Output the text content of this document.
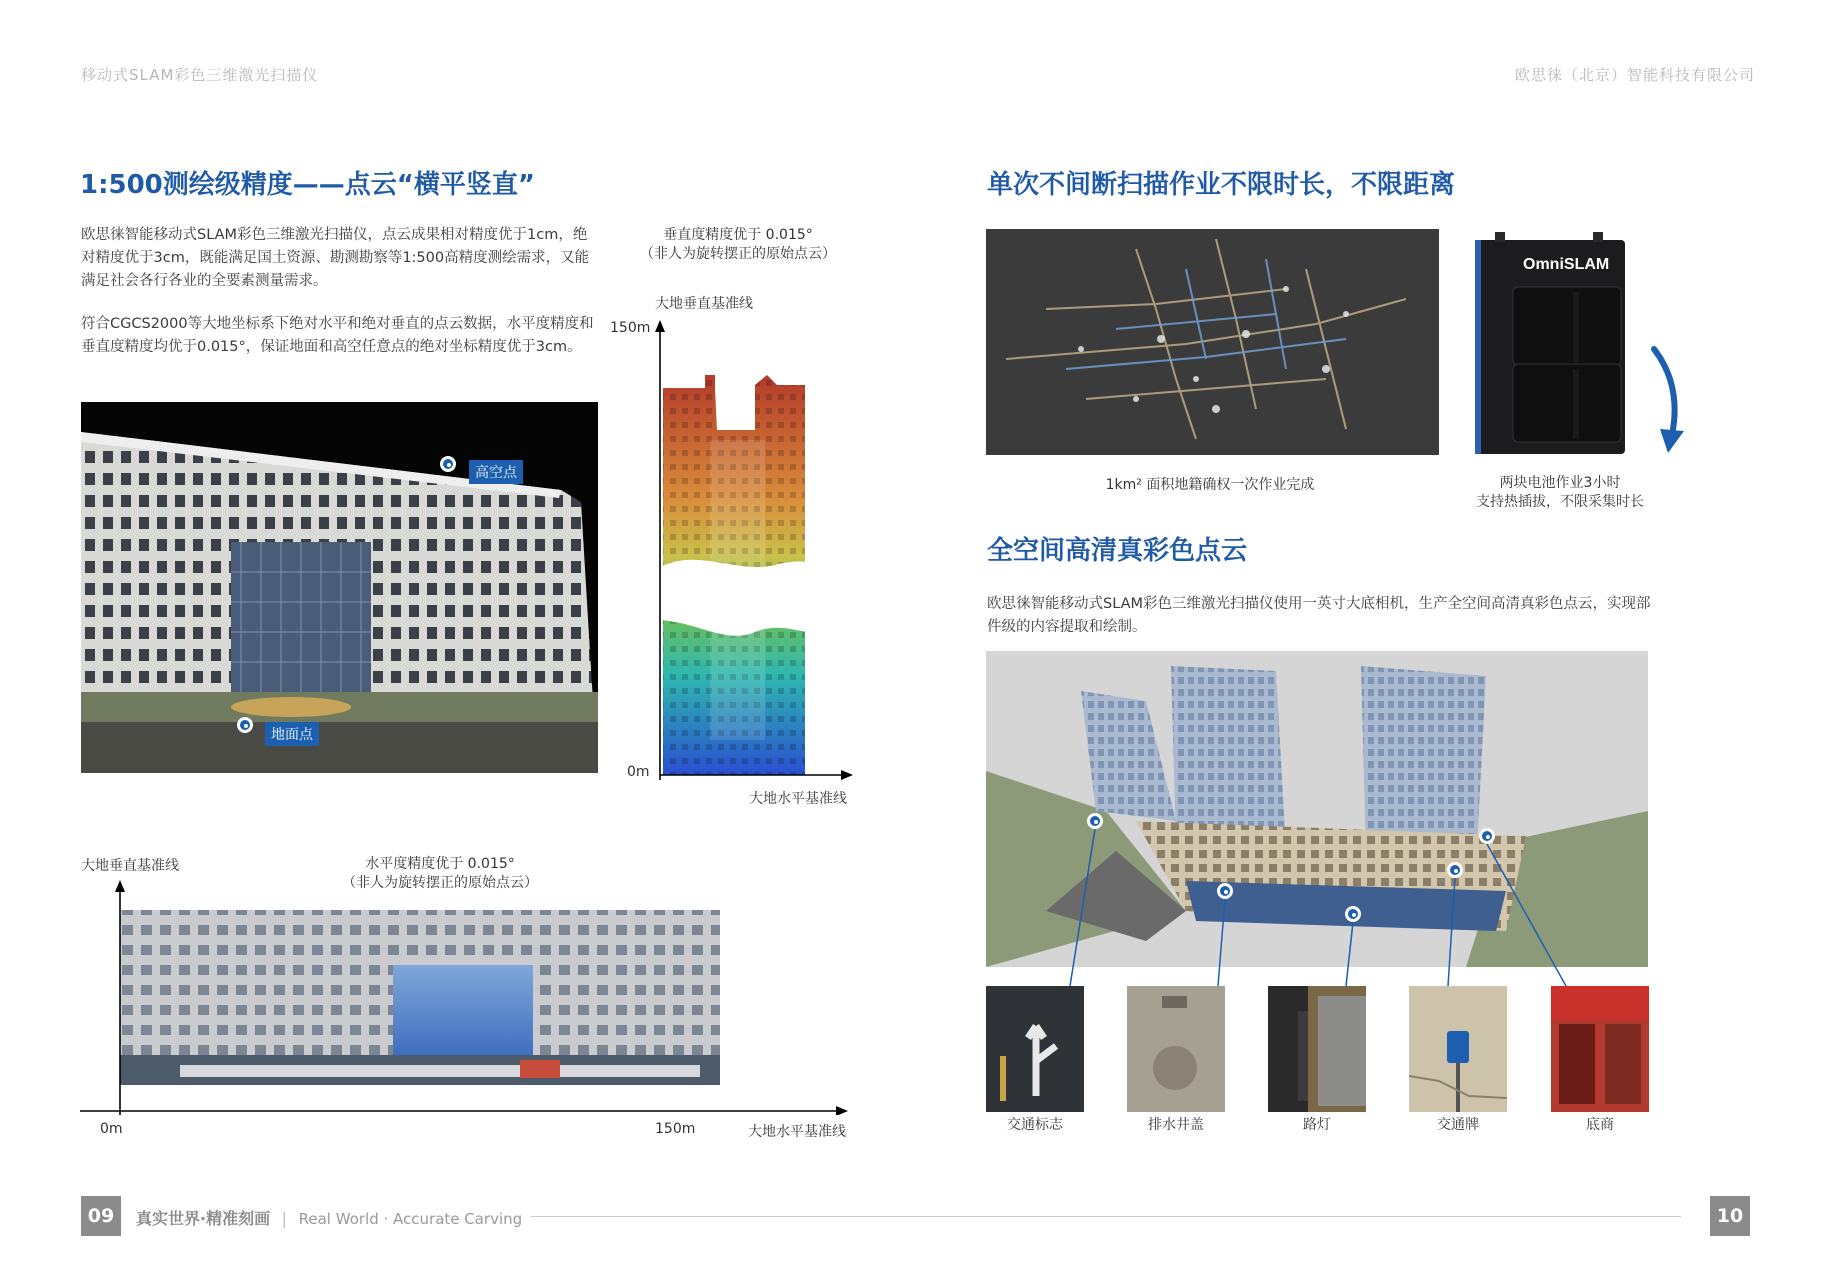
移动式SLAM彩色三维激光扫描仪	欧思徕（北京）智能科技有限公司
1:500测绘级精度——点云“横平竖直”
欧思徕智能移动式SLAM彩色三维激光扫描仪，点云成果相对精度优于1cm，绝对精度优于3cm，既能满足国土资源、勘测勘察等1:500高精度测绘需求，又能满足社会各行各业的全要素测量需求。
符合CGCS2000等大地坐标系下绝对水平和绝对垂直的点云数据，水平度精度和垂直度精度均优于0.015°，保证地面和高空任意点的绝对坐标精度优于3cm。
高空点
地面点
垂直度精度优于 0.015°
（非人为旋转摆正的原始点云）
大地垂直基准线
150m
0m
大地水平基准线
大地垂直基准线	水平度精度优于 0.015°
（非人为旋转摆正的原始点云）
0m	150m	大地水平基准线
单次不间断扫描作业不限时长，不限距离
1km² 面积地籍确权一次作业完成
OmniSLAM
两块电池作业3小时
支持热插拔，不限采集时长
全空间高清真彩色点云
欧思徕智能移动式SLAM彩色三维激光扫描仪使用一英寸大底相机，生产全空间高清真彩色点云，实现部件级的内容提取和绘制。
交通标志	排水井盖	路灯	交通牌	底商
09	真实世界·精准刻画 | Real World · Accurate Carving	10
